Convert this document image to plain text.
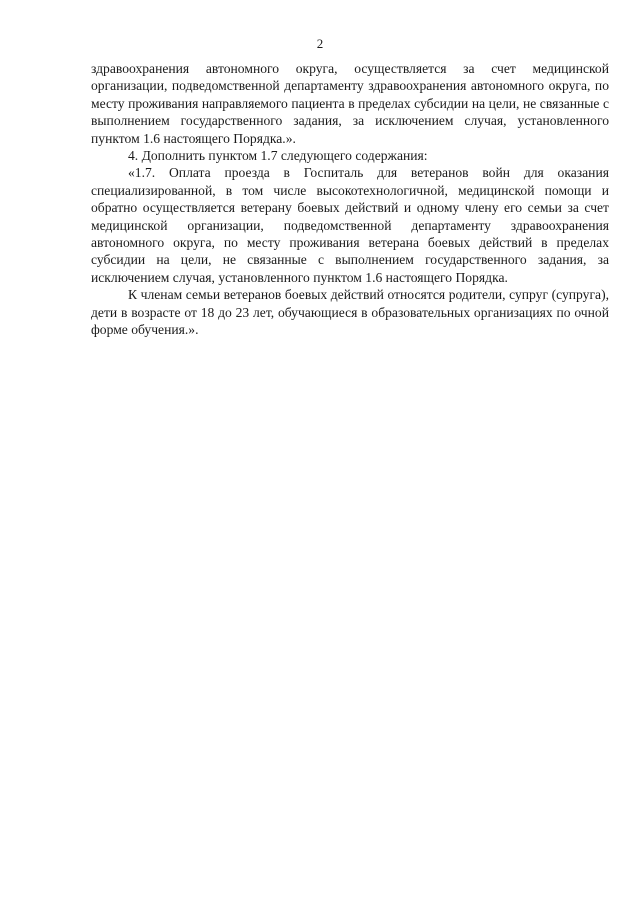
2

здравоохранения автономного округа, осуществляется за счет медицинской организации, подведомственной департаменту здравоохранения автономного округа, по месту проживания направляемого пациента в пределах субсидии на цели, не связанные с выполнением государственного задания, за исключением случая, установленного пунктом 1.6 настоящего Порядка.».

4. Дополнить пунктом 1.7 следующего содержания:

«1.7. Оплата проезда в Госпиталь для ветеранов войн для оказания специализированной, в том числе высокотехнологичной, медицинской помощи и обратно осуществляется ветерану боевых действий и одному члену его семьи за счет медицинской организации, подведомственной департаменту здравоохранения автономного округа, по месту проживания ветерана боевых действий в пределах субсидии на цели, не связанные с выполнением государственного задания, за исключением случая, установленного пунктом 1.6 настоящего Порядка.

К членам семьи ветеранов боевых действий относятся родители, супруг (супруга), дети в возрасте от 18 до 23 лет, обучающиеся в образовательных организациях по очной форме обучения.».
